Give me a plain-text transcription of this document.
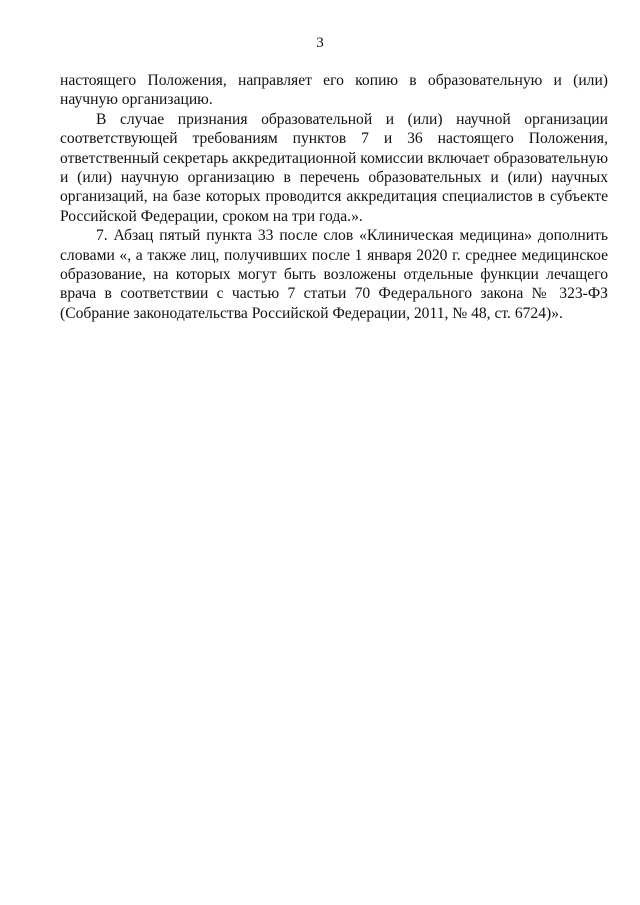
3

настоящего Положения, направляет его копию в образовательную и (или) научную организацию.

В случае признания образовательной и (или) научной организации соответствующей требованиям пунктов 7 и 36 настоящего Положения, ответственный секретарь аккредитационной комиссии включает образовательную и (или) научную организацию в перечень образовательных и (или) научных организаций, на базе которых проводится аккредитация специалистов в субъекте Российской Федерации, сроком на три года.».

7. Абзац пятый пункта 33 после слов «Клиническая медицина» дополнить словами «, а также лиц, получивших после 1 января 2020 г. среднее медицинское образование, на которых могут быть возложены отдельные функции лечащего врача в соответствии с частью 7 статьи 70 Федерального закона № 323-ФЗ (Собрание законодательства Российской Федерации, 2011, № 48, ст. 6724)».
